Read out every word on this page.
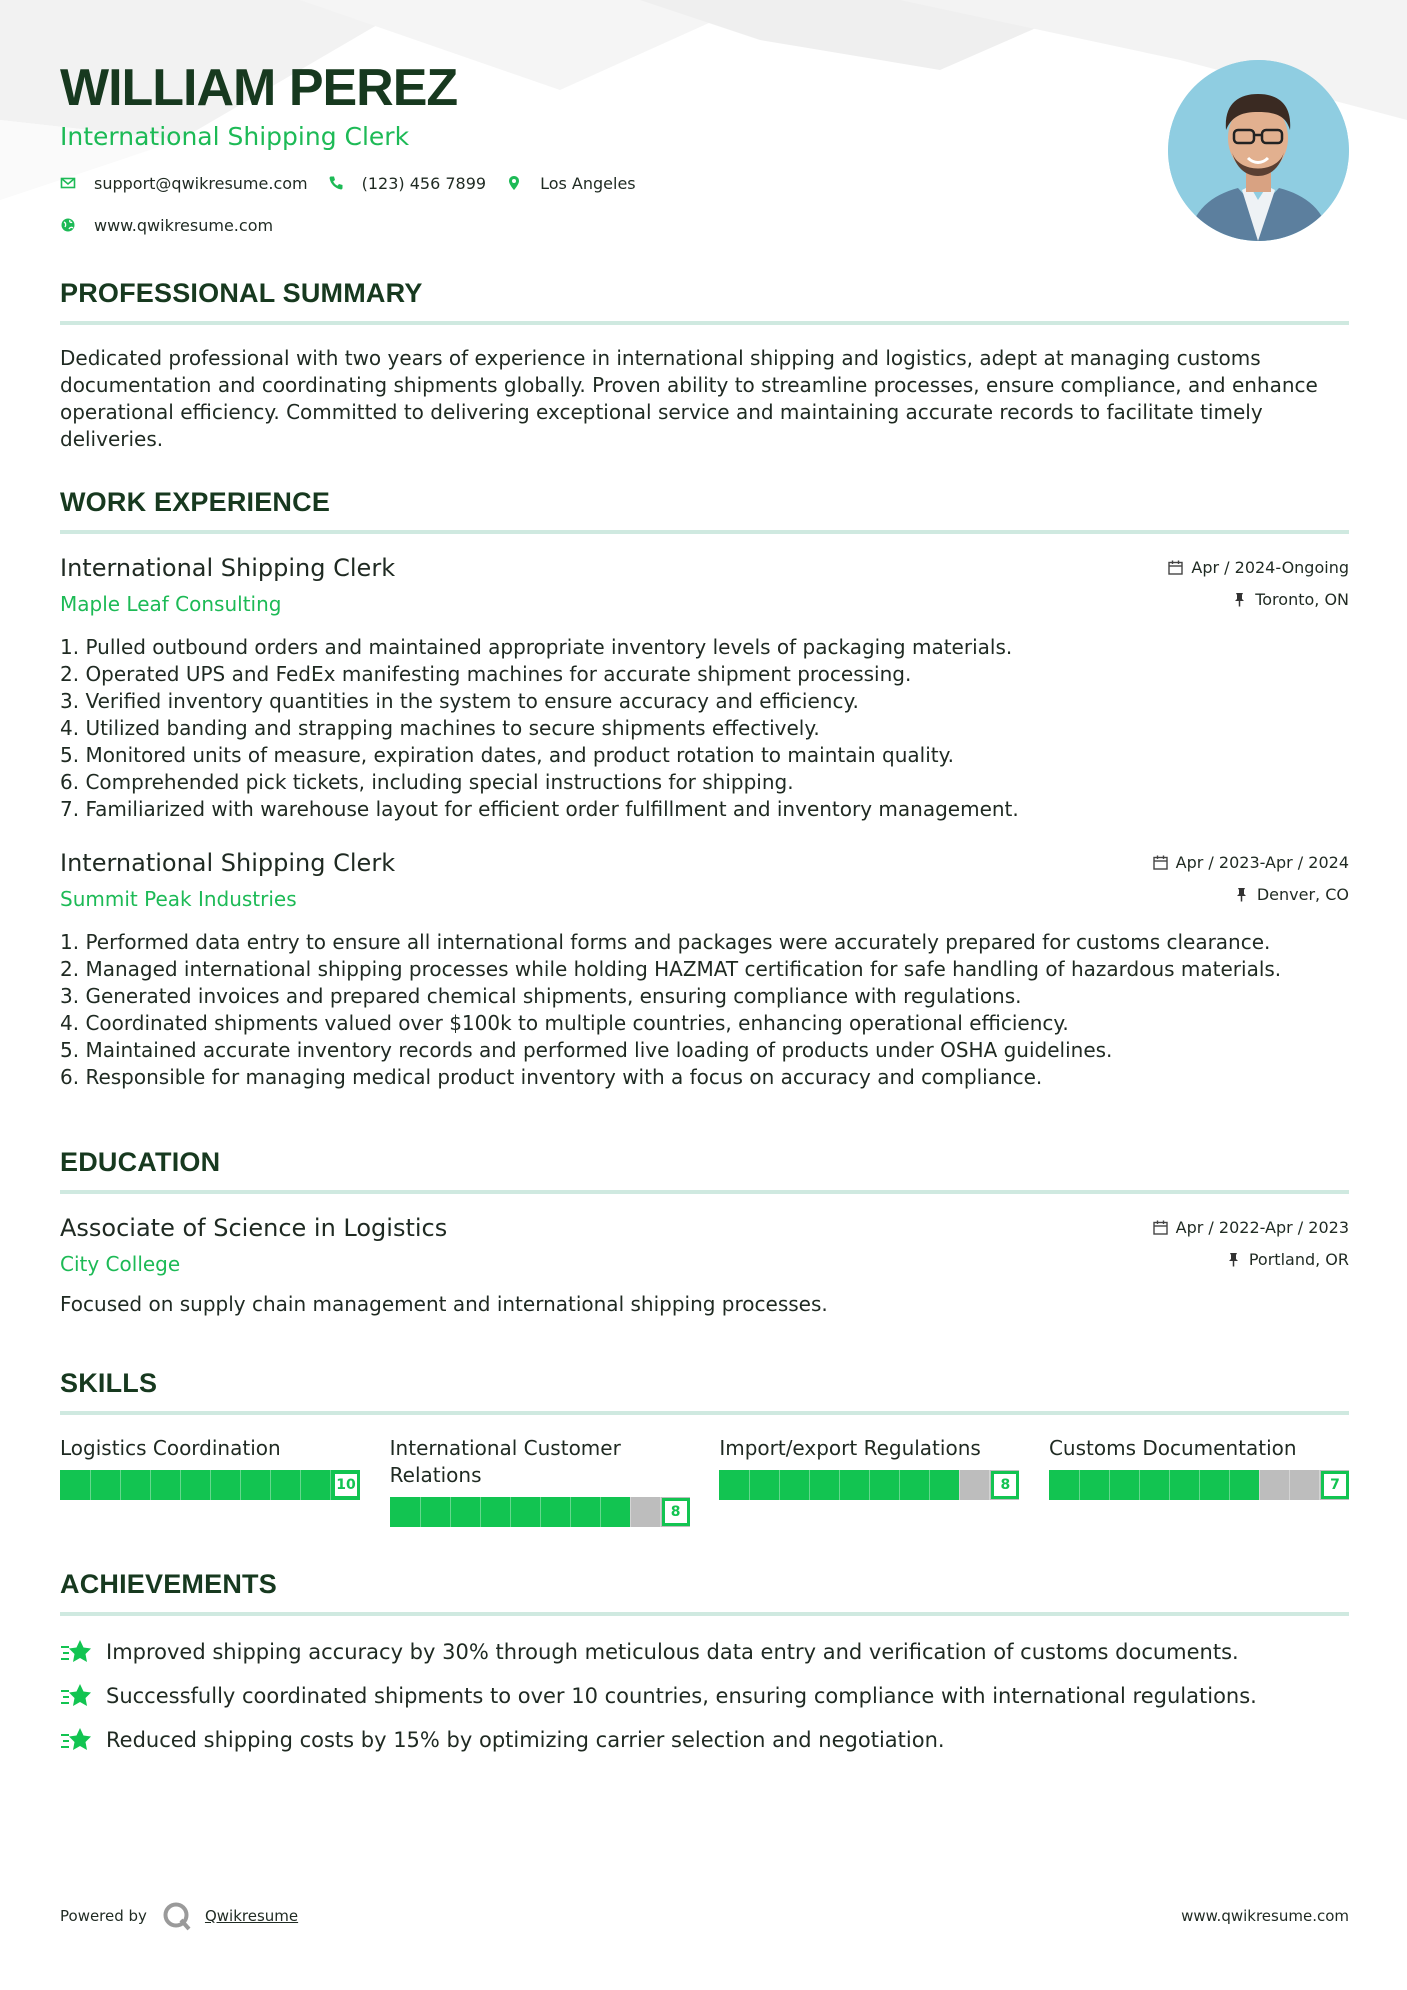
WILLIAM PEREZ
International Shipping Clerk
support@qwikresume.com	(123) 456 7899	Los Angeles
www.qwikresume.com
PROFESSIONAL SUMMARY

Dedicated professional with two years of experience in international shipping and logistics, adept at managing customs documentation and coordinating shipments globally. Proven ability to streamline processes, ensure compliance, and enhance operational efficiency. Committed to delivering exceptional service and maintaining accurate records to facilitate timely deliveries.

WORK EXPERIENCE
International Shipping Clerk
Maple Leaf Consulting
Apr / 2024-Ongoing
Toronto, ON
1. Pulled outbound orders and maintained appropriate inventory levels of packaging materials.
2. Operated UPS and FedEx manifesting machines for accurate shipment processing.
3. Verified inventory quantities in the system to ensure accuracy and efficiency.
4. Utilized banding and strapping machines to secure shipments effectively.
5. Monitored units of measure, expiration dates, and product rotation to maintain quality.
6. Comprehended pick tickets, including special instructions for shipping.
7. Familiarized with warehouse layout for efficient order fulfillment and inventory management.
International Shipping Clerk
Summit Peak Industries
Apr / 2023-Apr / 2024
Denver, CO
1. Performed data entry to ensure all international forms and packages were accurately prepared for customs clearance.
2. Managed international shipping processes while holding HAZMAT certification for safe handling of hazardous materials.
3. Generated invoices and prepared chemical shipments, ensuring compliance with regulations.
4. Coordinated shipments valued over $100k to multiple countries, enhancing operational efficiency.
5. Maintained accurate inventory records and performed live loading of products under OSHA guidelines.
6. Responsible for managing medical product inventory with a focus on accuracy and compliance.
EDUCATION
Associate of Science in Logistics
City College
Apr / 2022-Apr / 2023
Portland, OR

Focused on supply chain management and international shipping processes.

SKILLS
Logistics Coordination
10
International Customer Relations
8
Import/export Regulations
8
Customs Documentation
7
ACHIEVEMENTS
Improved shipping accuracy by 30% through meticulous data entry and verification of customs documents.
Successfully coordinated shipments to over 10 countries, ensuring compliance with international regulations.
Reduced shipping costs by 15% by optimizing carrier selection and negotiation.
Powered by	Qwikresume	www.qwikresume.com
